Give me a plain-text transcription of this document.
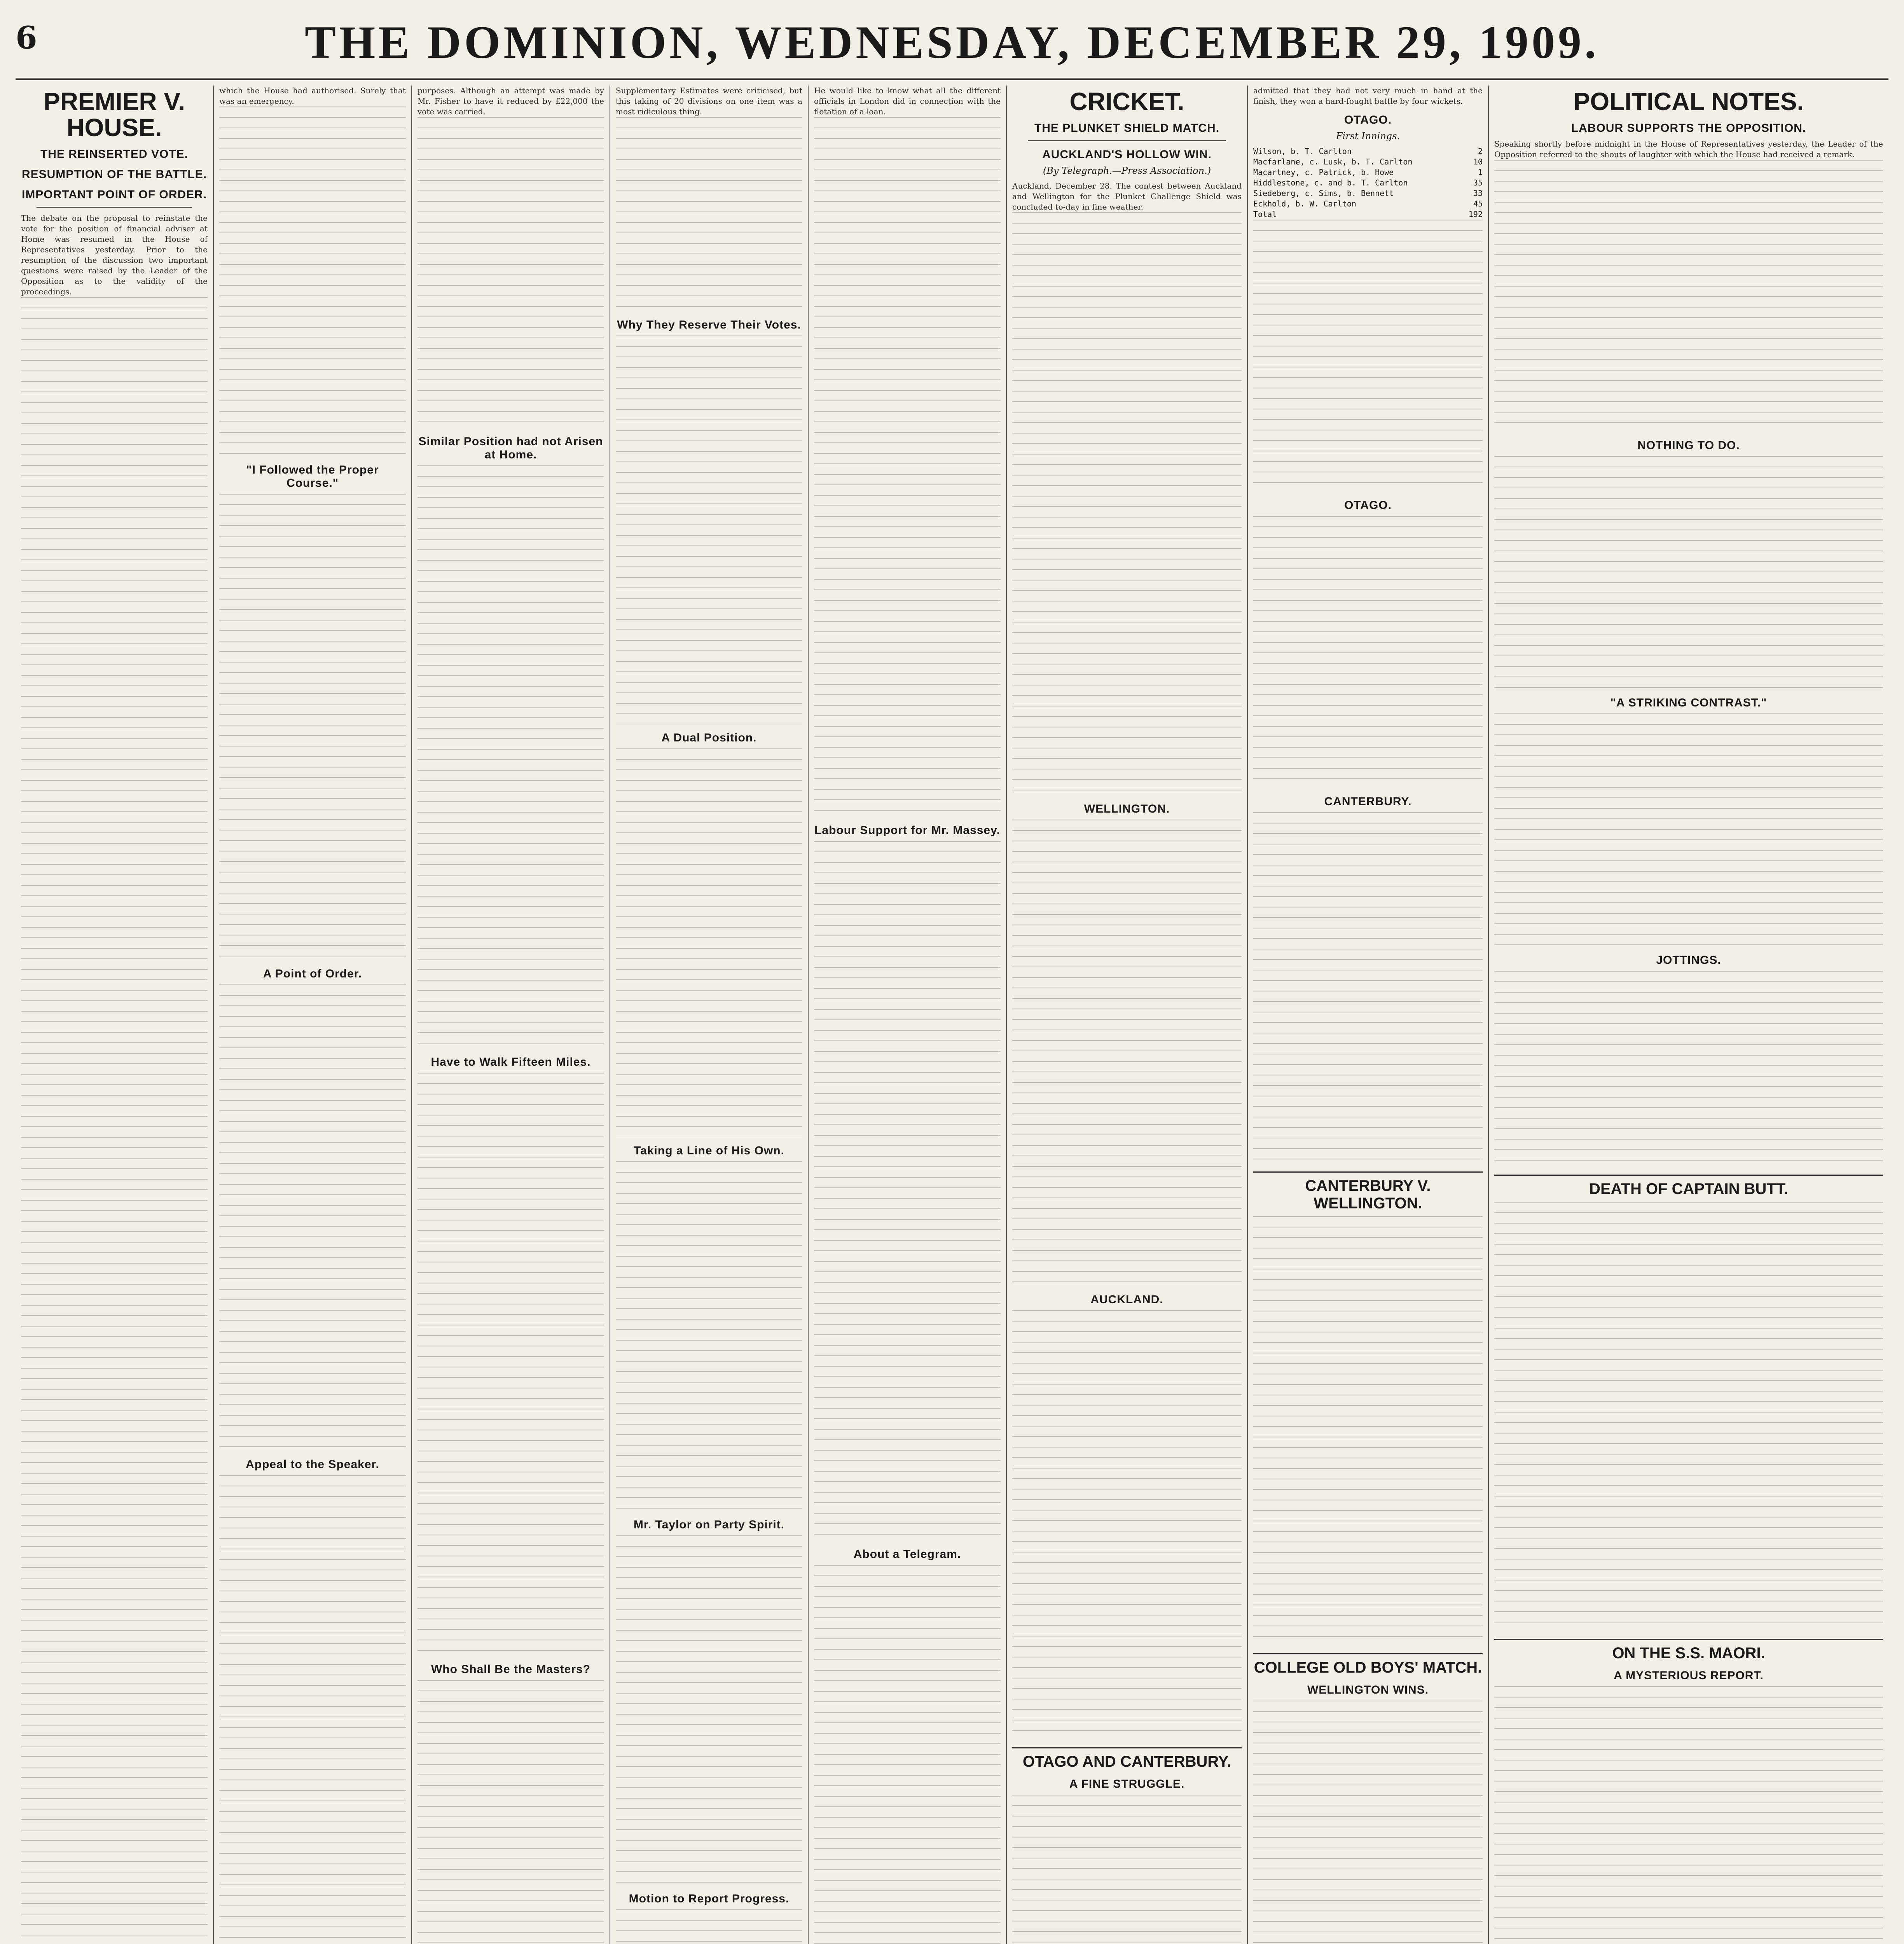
6	THE DOMINION, WEDNESDAY, DECEMBER 29, 1909.
PREMIER V. HOUSE.
THE REINSERTED VOTE.
RESUMPTION OF THE BATTLE.
IMPORTANT POINT OF ORDER.
The debate on the proposal to reinstate the vote for the position of financial adviser at Home was resumed in the House of Representatives yesterday. Prior to the resumption of the discussion two important questions were raised by the Leader of the Opposition as to the validity of the proceedings.
which the House had authorised. Surely that was an emergency.
"I Followed the Proper Course."
A Point of Order.
Appeal to the Speaker.
purposes. Although an attempt was made by Mr. Fisher to have it reduced by £22,000 the vote was carried.
Similar Position had not Arisen at Home.
Have to Walk Fifteen Miles.
Who Shall Be the Masters?
Supplementary Estimates were criticised, but this taking of 20 divisions on one item was a most ridiculous thing.
Why They Reserve Their Votes.
A Dual Position.
Taking a Line of His Own.
Mr. Taylor on Party Spirit.
Motion to Report Progress.
He would like to know what all the different officials in London did in connection with the flotation of a loan.
Labour Support for Mr. Massey.
About a Telegram.
CRICKET.
THE PLUNKET SHIELD MATCH.
AUCKLAND'S HOLLOW WIN.
(By Telegraph.—Press Association.)
Auckland, December 28. The contest between Auckland and Wellington for the Plunket Challenge Shield was concluded to-day in fine weather.
WELLINGTON.
AUCKLAND.
OTAGO AND CANTERBURY.
A FINE STRUGGLE.
admitted that they had not very much in hand at the finish, they won a hard-fought battle by four wickets.
OTAGO.
First Innings.
Wilson, b. T. Carlton	2
Macfarlane, c. Lusk, b. T. Carlton	10
Macartney, c. Patrick, b. Howe	1
Hiddlestone, c. and b. T. Carlton	35
Siedeberg, c. Sims, b. Bennett	33
Eckhold, b. W. Carlton	45
Total	192
OTAGO.
CANTERBURY.
CANTERBURY V. WELLINGTON.
COLLEGE OLD BOYS' MATCH.
WELLINGTON WINS.
POLITICAL NOTES.
LABOUR SUPPORTS THE OPPOSITION.
Speaking shortly before midnight in the House of Representatives yesterday, the Leader of the Opposition referred to the shouts of laughter with which the House had received a remark.
NOTHING TO DO.
"A STRIKING CONTRAST."
JOTTINGS.
DEATH OF CAPTAIN BUTT.
ON THE S.S. MAORI.
A MYSTERIOUS REPORT.
